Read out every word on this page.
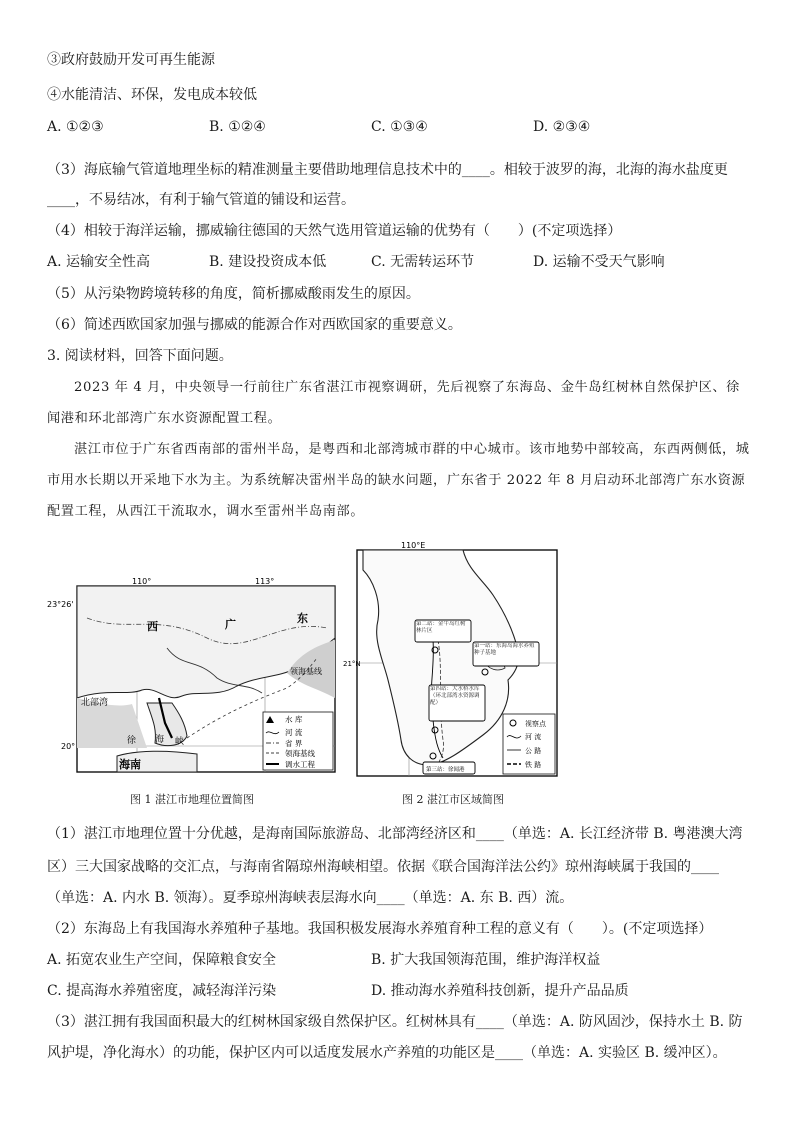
③政府鼓励开发可再生能源
④水能清洁、环保，发电成本较低
A. ①②③	B. ①②④	C. ①③④	D. ②③④
（3）海底输气管道地理坐标的精准测量主要借助地理信息技术中的____。相较于波罗的海，北海的海水盐度更
____，不易结冰，有利于输气管道的铺设和运营。
（4）相较于海洋运输，挪威输往德国的天然气选用管道运输的优势有（　　）(不定项选择）
A. 运输安全性高	B. 建设投资成本低	C. 无需转运环节	D. 运输不受天气影响
（5）从污染物跨境转移的角度，简析挪威酸雨发生的原因。
（6）简述西欧国家加强与挪威的能源合作对西欧国家的重要意义。
3. 阅读材料，回答下面问题。
2023 年 4 月，中央领导一行前往广东省湛江市视察调研，先后视察了东海岛、金牛岛红树林自然保护区、徐闻港和环北部湾广东水资源配置工程。
湛江市位于广东省西南部的雷州半岛，是粤西和北部湾城市群的中心城市。该市地势中部较高，东西两侧低，城市用水长期以开采地下水为主。为系统解决雷州半岛的缺水问题，广东省于 2022 年 8 月启动环北部湾广东水资源配置工程，从西江干流取水，调水至雷州半岛南部。
110°	113°
23°26'
20°
西	广	东
北部湾
海南
领海基线
海
徐	峡
水 库
河 流
省 界
领海基线
调水工程
图 1 湛江市地理位置简图
110°E
21°N
第二站：金牛岛红树林片区
第一站：东海岛海水养殖种子基地
第四站：大水桥水库（环北部湾水资源调配）
第三站：徐闻港
视察点
河 流
公 路
铁 路
图 2 湛江市区域简图
（1）湛江市地理位置十分优越，是海南国际旅游岛、北部湾经济区和____（单选：A. 长江经济带 B. 粤港澳大湾
区）三大国家战略的交汇点，与海南省隔琼州海峡相望。依据《联合国海洋法公约》琼州海峡属于我国的____
（单选：A. 内水 B. 领海）。夏季琼州海峡表层海水向____（单选：A. 东 B. 西）流。
（2）东海岛上有我国海水养殖种子基地。我国积极发展海水养殖育种工程的意义有（　　）。(不定项选择）
A. 拓宽农业生产空间，保障粮食安全	B. 扩大我国领海范围，维护海洋权益
C. 提高海水养殖密度，减轻海洋污染	D. 推动海水养殖科技创新，提升产品品质
（3）湛江拥有我国面积最大的红树林国家级自然保护区。红树林具有____（单选：A. 防风固沙，保持水土 B. 防
风护堤，净化海水）的功能，保护区内可以适度发展水产养殖的功能区是____（单选：A. 实验区 B. 缓冲区）。
